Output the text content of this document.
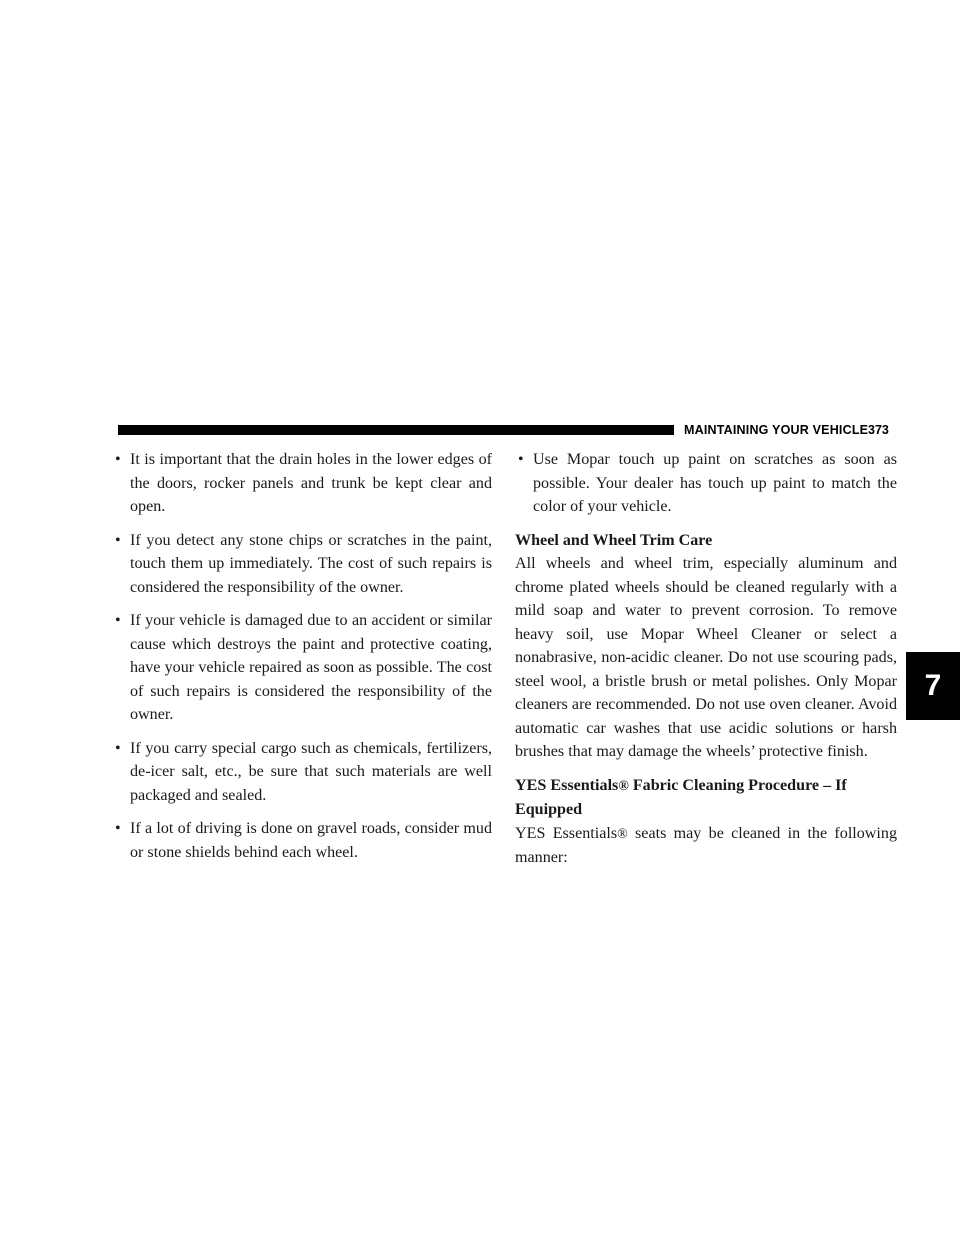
MAINTAINING YOUR VEHICLE 373
7

• It is important that the drain holes in the lower edges of the doors, rocker panels and trunk be kept clear and open.

• If you detect any stone chips or scratches in the paint, touch them up immediately. The cost of such repairs is considered the responsibility of the owner.

• If your vehicle is damaged due to an accident or similar cause which destroys the paint and protective coating, have your vehicle repaired as soon as possible. The cost of such repairs is considered the responsibility of the owner.

• If you carry special cargo such as chemicals, fertilizers, de-icer salt, etc., be sure that such materials are well packaged and sealed.

• If a lot of driving is done on gravel roads, consider mud or stone shields behind each wheel.

• Use Mopar touch up paint on scratches as soon as possible. Your dealer has touch up paint to match the color of your vehicle.

Wheel and Wheel Trim Care

All wheels and wheel trim, especially aluminum and chrome plated wheels should be cleaned regularly with a mild soap and water to prevent corrosion. To remove heavy soil, use Mopar Wheel Cleaner or select a nonabrasive, non-acidic cleaner. Do not use scouring pads, steel wool, a bristle brush or metal polishes. Only Mopar cleaners are recommended. Do not use oven cleaner. Avoid automatic car washes that use acidic solutions or harsh brushes that may damage the wheels’ protective finish.

YES Essentials® Fabric Cleaning Procedure – If Equipped

YES Essentials® seats may be cleaned in the following manner:
